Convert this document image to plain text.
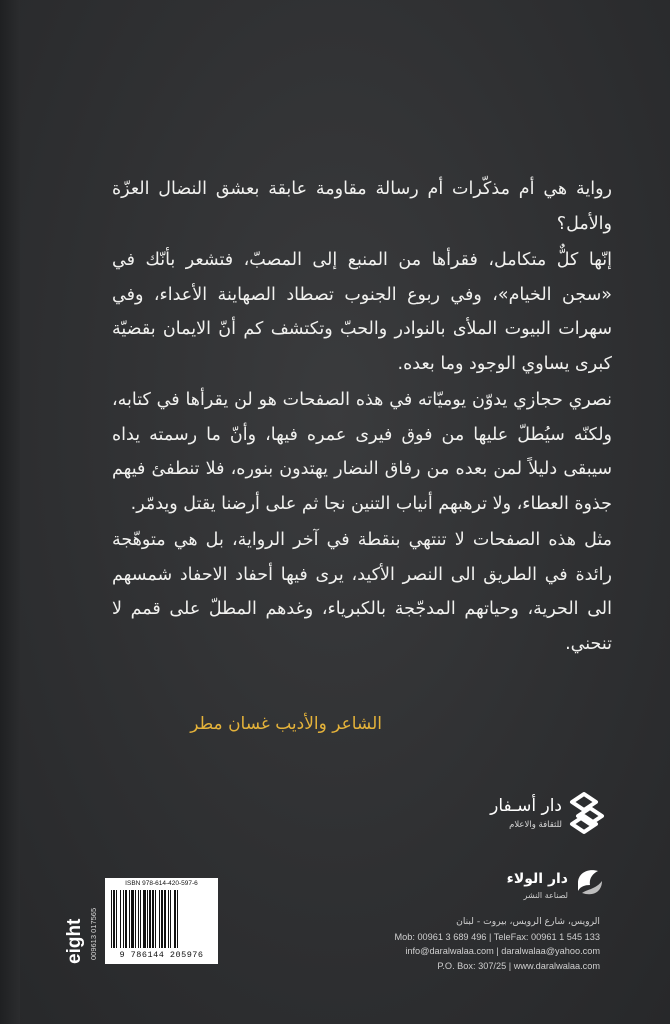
رواية هي أم مذكّرات أم رسالة مقاومة عابقة بعشق النضال العزّة والأمل؟

إنّها كلٌّ متكامل، فقرأها من المنبع إلى المصبّ، فتشعر بأنّك في «سجن الخيام»، وفي ربوع الجنوب تصطاد الصهاينة الأعداء، وفي سهرات البيوت الملأى بالنوادر والحبّ وتكتشف كم أنّ الايمان بقضيّة كبرى يساوي الوجود وما بعده.

نصري حجازي يدوّن يوميّاته في هذه الصفحات هو لن يقرأها في كتابه، ولكنّه سيُطلّ عليها من فوق فيرى عمره فيها، وأنّ ما رسمته يداه سيبقى دليلاً لمن بعده من رفاق النضار يهتدون بنوره، فلا تنطفئ فيهم جذوة العطاء، ولا ترهبهم أنياب التنين نجا ثم على أرضنا يقتل ويدمّر.

مثل هذه الصفحات لا تنتهي بنقطة في آخر الرواية، بل هي متوهّجة رائدة في الطريق الى النصر الأكيد، يرى فيها أحفاد الاحفاد شمسهم الى الحرية، وحياتهم المدجّجة بالكبرياء، وغدهم المطلّ على قمم لا تنحني.

الشاعر والأديب غسان مطر
دار أسـفار
للثقافة والاعلام
دار الولاء
لصناعة النشر
الرويس، شارع الرويس، بيروت - لبنان
Mob: 00961 3 689 496 | TeleFax: 00961 1 545 133
info@daralwalaa.com | daralwalaa@yahoo.com
P.O. Box: 307/25 | www.daralwalaa.com
ISBN 978-614-420-597-6
9 786144 205976
eight 009613 017565
